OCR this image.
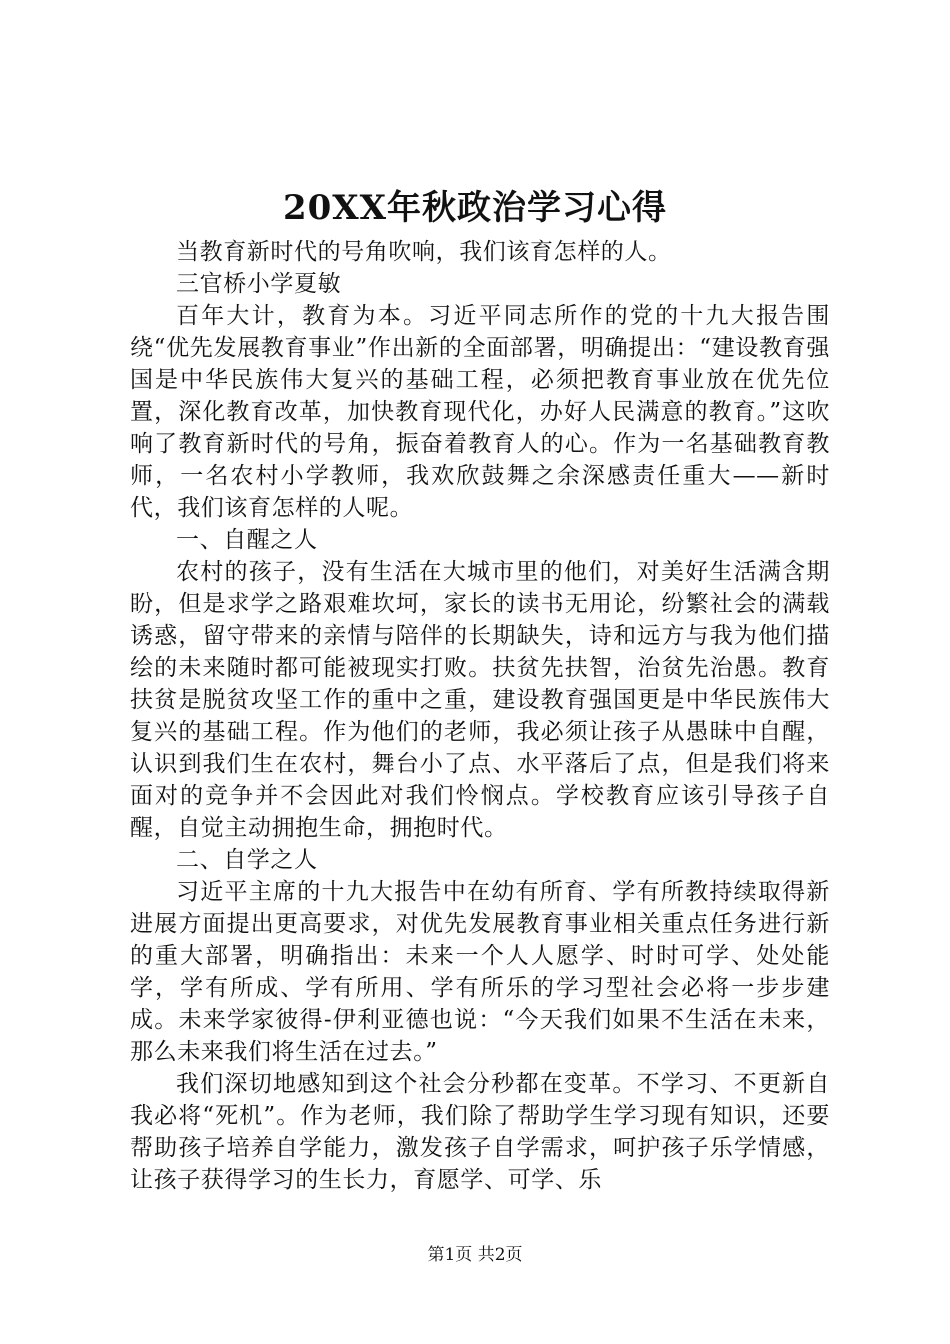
20XX年秋政治学习心得

当教育新时代的号角吹响，我们该育怎样的人。

三官桥小学夏敏

百年大计，教育为本。习近平同志所作的党的十九大报告围绕“优先发展教育事业”作出新的全面部署，明确提出：“建设教育强国是中华民族伟大复兴的基础工程，必须把教育事业放在优先位置，深化教育改革，加快教育现代化，办好人民满意的教育。”这吹响了教育新时代的号角，振奋着教育人的心。作为一名基础教育教师，一名农村小学教师，我欢欣鼓舞之余深感责任重大——新时代，我们该育怎样的人呢。

一、自醒之人

农村的孩子，没有生活在大城市里的他们，对美好生活满含期盼，但是求学之路艰难坎坷，家长的读书无用论，纷繁社会的满载诱惑，留守带来的亲情与陪伴的长期缺失，诗和远方与我为他们描绘的未来随时都可能被现实打败。扶贫先扶智，治贫先治愚。教育扶贫是脱贫攻坚工作的重中之重，建设教育强国更是中华民族伟大复兴的基础工程。作为他们的老师，我必须让孩子从愚昧中自醒，认识到我们生在农村，舞台小了点、水平落后了点，但是我们将来面对的竞争并不会因此对我们怜悯点。学校教育应该引导孩子自醒，自觉主动拥抱生命，拥抱时代。

二、自学之人

习近平主席的十九大报告中在幼有所育、学有所教持续取得新进展方面提出更高要求，对优先发展教育事业相关重点任务进行新的重大部署，明确指出：未来一个人人愿学、时时可学、处处能学，学有所成、学有所用、学有所乐的学习型社会必将一步步建成。未来学家彼得-伊利亚德也说：“今天我们如果不生活在未来，那么未来我们将生活在过去。”

我们深切地感知到这个社会分秒都在变革。不学习、不更新自我必将“死机”。作为老师，我们除了帮助学生学习现有知识，还要帮助孩子培养自学能力，激发孩子自学需求，呵护孩子乐学情感，让孩子获得学习的生长力，育愿学、可学、乐

第1页 共2页
